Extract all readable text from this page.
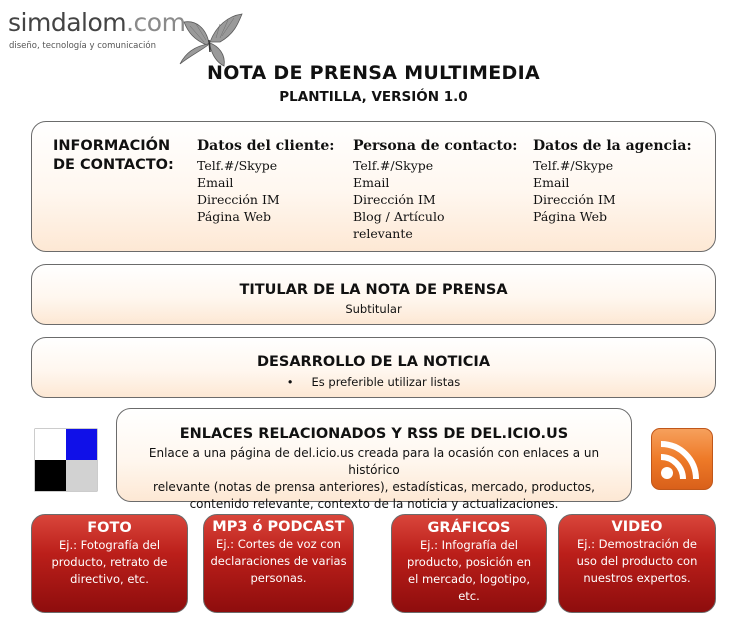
simdalom.com
diseño, tecnología y comunicación
NOTA DE PRENSA MULTIMEDIA
PLANTILLA, VERSIÓN 1.0
INFORMACIÓN
DE CONTACTO:
Datos del cliente:
Telf.#/Skype
Email
Dirección IM
Página Web
Persona de contacto:
Telf.#/Skype
Email
Dirección IM
Blog / Artículo
relevante
Datos de la agencia:
Telf.#/Skype
Email
Dirección IM
Página Web
TITULAR DE LA NOTA DE PRENSA
Subtitular
DESARROLLO DE LA NOTICIA
• Es preferible utilizar listas
ENLACES RELACIONADOS Y RSS DE DEL.ICIO.US
Enlace a una página de del.icio.us creada para la ocasión con enlaces a un histórico
relevante (notas de prensa anteriores), estadísticas, mercado, productos,
contenido relevante, contexto de la noticia y actualizaciones.
FOTO
Ej.: Fotografía del
producto, retrato de
directivo, etc.
MP3 ó PODCAST
Ej.: Cortes de voz con
declaraciones de varias
personas.
GRÁFICOS
Ej.: Infografía del
producto, posición en
el mercado, logotipo,
etc.
VIDEO
Ej.: Demostración de
uso del producto con
nuestros expertos.
